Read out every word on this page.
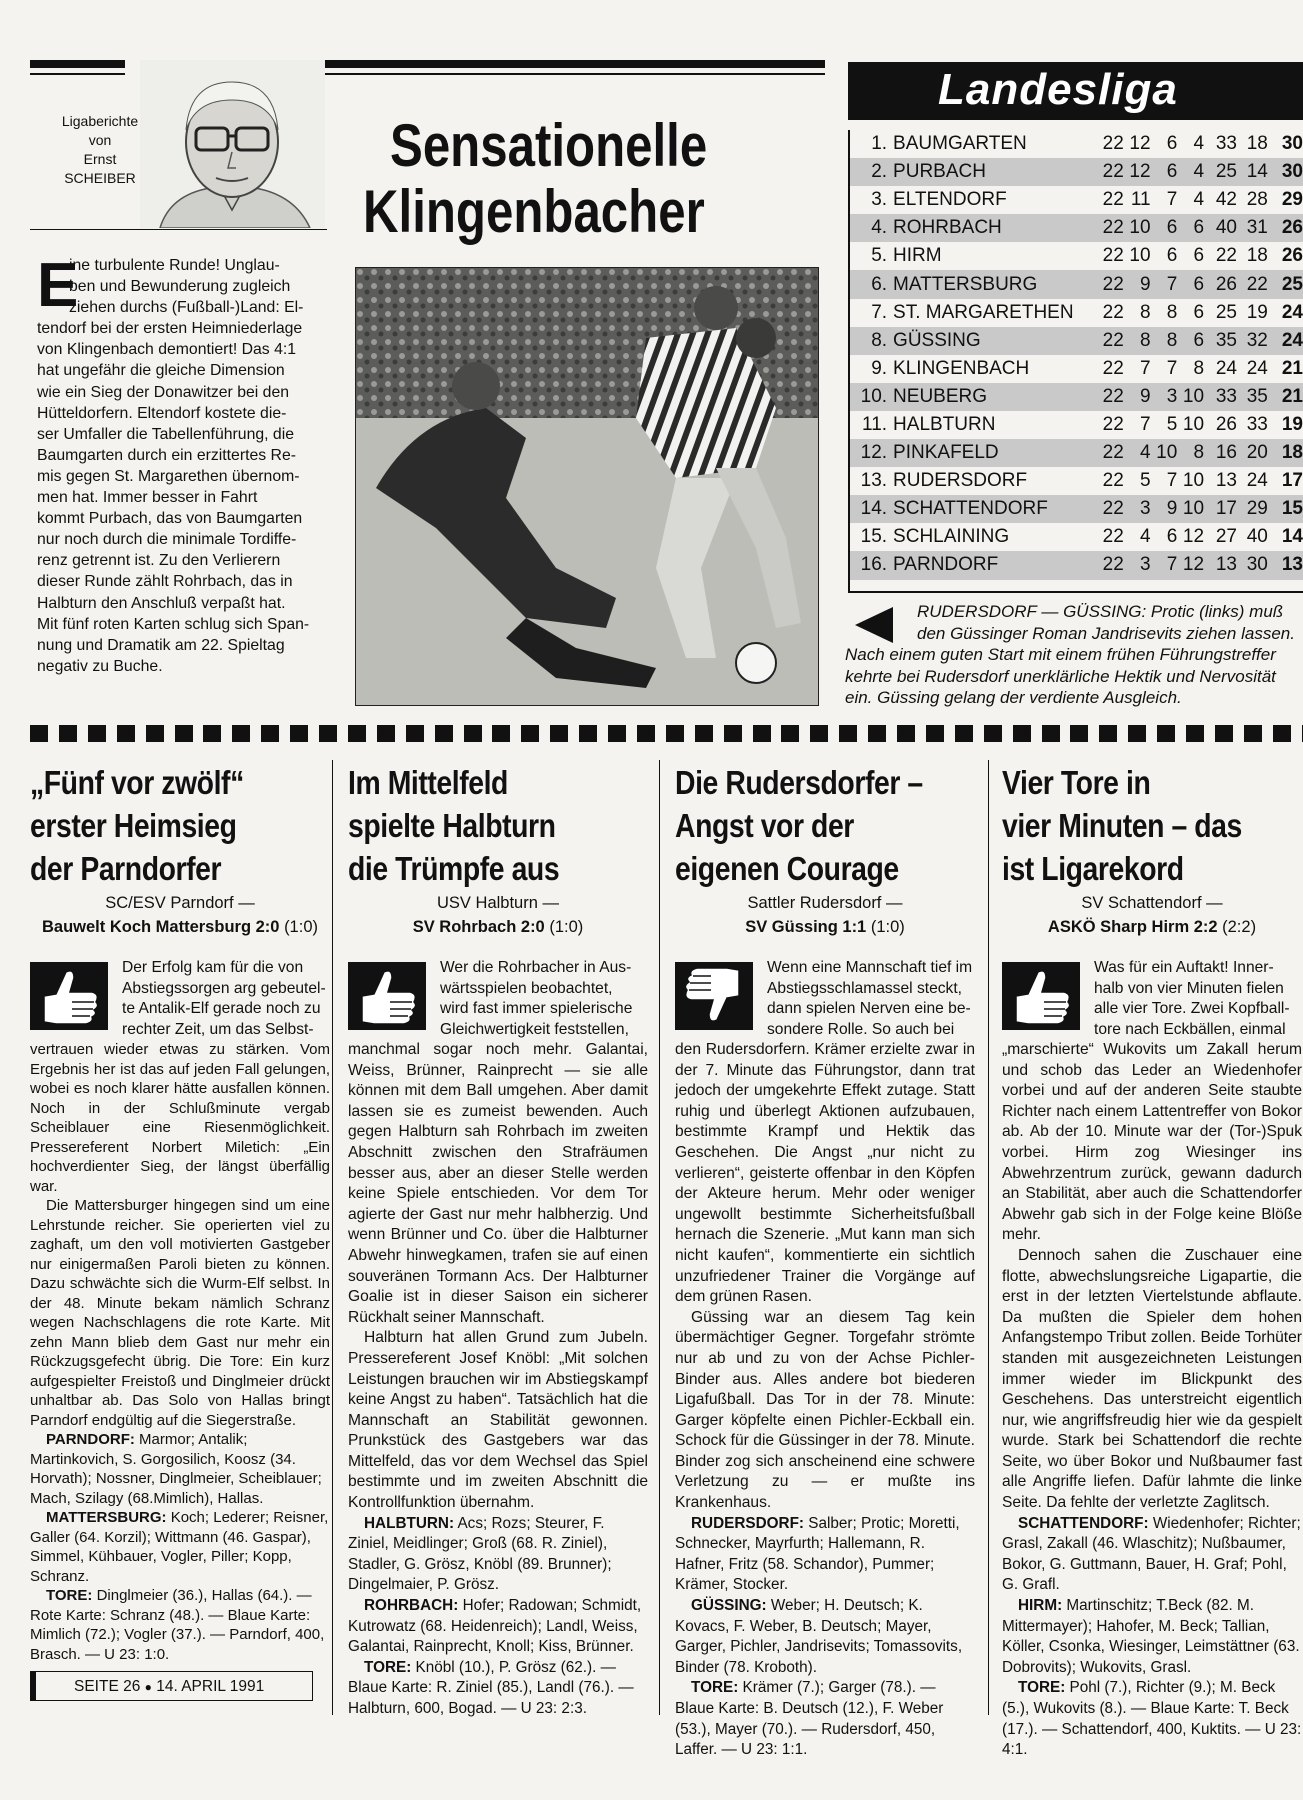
Ligaberichte
von
Ernst
SCHEIBER	Sensationelle
Klingenbacher
E
ine turbulente Runde! Unglau-
ben und Bewunderung zugleich
ziehen durchs (Fußball-)Land: El-
tendorf bei der ersten Heimniederlage
von Klingenbach demontiert! Das 4:1
hat ungefähr die gleiche Dimension
wie ein Sieg der Donawitzer bei den
Hütteldorfern. Eltendorf kostete die-
ser Umfaller die Tabellenführung, die
Baumgarten durch ein erzittertes Re-
mis gegen St. Margarethen übernom-
men hat. Immer besser in Fahrt
kommt Purbach, das von Baumgarten
nur noch durch die minimale Tordiffe-
renz getrennt ist. Zu den Verlierern
dieser Runde zählt Rohrbach, das in
Halbturn den Anschluß verpaßt hat.
Mit fünf roten Karten schlug sich Span-
nung und Dramatik am 22. Spieltag
negativ zu Buche.
Landesliga
1.	BAUMGARTEN	22	12	6	4	33	18	30
2.	PURBACH	22	12	6	4	25	14	30
3.	ELTENDORF	22	11	7	4	42	28	29
4.	ROHRBACH	22	10	6	6	40	31	26
5.	HIRM	22	10	6	6	22	18	26
6.	MATTERSBURG	22	9	7	6	26	22	25
7.	ST. MARGARETHEN	22	8	8	6	25	19	24
8.	GÜSSING	22	8	8	6	35	32	24
9.	KLINGENBACH	22	7	7	8	24	24	21
10.	NEUBERG	22	9	3	10	33	35	21
11.	HALBTURN	22	7	5	10	26	33	19
12.	PINKAFELD	22	4	10	8	16	20	18
13.	RUDERSDORF	22	5	7	10	13	24	17
14.	SCHATTENDORF	22	3	9	10	17	29	15
15.	SCHLAINING	22	4	6	12	27	40	14
16.	PARNDORF	22	3	7	12	13	30	13
RUDERSDORF — GÜSSING: Protic (links) muß
den Güssinger Roman Jandrisevits ziehen lassen.
Nach einem guten Start mit einem frühen Führungstreffer
kehrte bei Rudersdorf unerklärliche Hektik und Nervosität
ein. Güssing gelang der verdiente Ausgleich.
„Fünf vor zwölf“
erster Heimsieg
der Parndorfer
SC/ESV Parndorf —
Bauwelt Koch Mattersburg 2:0 (1:0)
Der Erfolg kam für die von
Abstiegssorgen arg gebeutel-
te Antalik-Elf gerade noch zu
rechter Zeit, um das Selbst-

vertrauen wieder etwas zu stärken. Vom Ergebnis her ist das auf jeden Fall gelungen, wobei es noch klarer hätte ausfallen können. Noch in der Schlußminute vergab Scheiblauer eine Riesenmöglichkeit. Pressereferent Norbert Miletich: „Ein hochverdienter Sieg, der längst überfällig war.

Die Mattersburger hingegen sind um eine Lehrstunde reicher. Sie operierten viel zu zaghaft, um den voll motivierten Gastgeber nur einigermaßen Paroli bieten zu können. Dazu schwächte sich die Wurm-Elf selbst. In der 48. Minute bekam nämlich Schranz wegen Nachschlagens die rote Karte. Mit zehn Mann blieb dem Gast nur mehr ein Rückzugsgefecht übrig. Die Tore: Ein kurz aufgespielter Freistoß und Dinglmeier drückt unhaltbar ab. Das Solo von Hallas bringt Parndorf endgültig auf die Siegerstraße.

PARNDORF: Marmor; Antalik; Martinkovich, S. Gorgosilich, Koosz (34. Horvath); Nossner, Dinglmeier, Scheiblauer; Mach, Szilagy (68.Mimlich), Hallas.

MATTERSBURG: Koch; Lederer; Reisner, Galler (64. Korzil); Wittmann (46. Gaspar), Simmel, Kühbauer, Vogler, Piller; Kopp, Schranz.

TORE: Dinglmeier (36.), Hallas (64.). — Rote Karte: Schranz (48.). — Blaue Karte: Mimlich (72.); Vogler (37.). — Parndorf, 400, Brasch. — U 23: 1:0.

Im Mittelfeld
spielte Halbturn
die Trümpfe aus
USV Halbturn —
SV Rohrbach 2:0 (1:0)
Wer die Rohrbacher in Aus-
wärtsspielen beobachtet,
wird fast immer spielerische
Gleichwertigkeit feststellen,

manchmal sogar noch mehr. Galantai, Weiss, Brünner, Rainprecht — sie alle können mit dem Ball umgehen. Aber damit lassen sie es zumeist bewenden. Auch gegen Halbturn sah Rohrbach im zweiten Abschnitt zwischen den Strafräumen besser aus, aber an dieser Stelle werden keine Spiele entschieden. Vor dem Tor agierte der Gast nur mehr halbherzig. Und wenn Brünner und Co. über die Halbturner Abwehr hinwegkamen, trafen sie auf einen souveränen Tormann Acs. Der Halbturner Goalie ist in dieser Saison ein sicherer Rückhalt seiner Mannschaft.

Halbturn hat allen Grund zum Jubeln. Pressereferent Josef Knöbl: „Mit solchen Leistungen brauchen wir im Abstiegskampf keine Angst zu haben“. Tatsächlich hat die Mannschaft an Stabilität gewonnen. Prunkstück des Gastgebers war das Mittelfeld, das vor dem Wechsel das Spiel bestimmte und im zweiten Abschnitt die Kontrollfunktion übernahm.

HALBTURN: Acs; Rozs; Steurer, F. Ziniel, Meidlinger; Groß (68. R. Ziniel), Stadler, G. Grösz, Knöbl (89. Brunner); Dingelmaier, P. Grösz.

ROHRBACH: Hofer; Radowan; Schmidt, Kutrowatz (68. Heidenreich); Landl, Weiss, Galantai, Rainprecht, Knoll; Kiss, Brünner.

TORE: Knöbl (10.), P. Grösz (62.). — Blaue Karte: R. Ziniel (85.), Landl (76.). — Halbturn, 600, Bogad. — U 23: 2:3.

Die Rudersdorfer –
Angst vor der
eigenen Courage
Sattler Rudersdorf —
SV Güssing 1:1 (1:0)
Wenn eine Mannschaft tief im
Abstiegsschlamassel steckt,
dann spielen Nerven eine be-
sondere Rolle. So auch bei

den Rudersdorfern. Krämer erzielte zwar in der 7. Minute das Führungstor, dann trat jedoch der umgekehrte Effekt zutage. Statt ruhig und überlegt Aktionen aufzubauen, bestimmte Krampf und Hektik das Geschehen. Die Angst „nur nicht zu verlieren“, geisterte offenbar in den Köpfen der Akteure herum. Mehr oder weniger ungewollt bestimmte Sicherheitsfußball hernach die Szenerie. „Mut kann man sich nicht kaufen“, kommentierte ein sichtlich unzufriedener Trainer die Vorgänge auf dem grünen Rasen.

Güssing war an diesem Tag kein übermächtiger Gegner. Torgefahr strömte nur ab und zu von der Achse Pichler-Binder aus. Alles andere bot biederen Ligafußball. Das Tor in der 78. Minute: Garger köpfelte einen Pichler-Eckball ein. Schock für die Güssinger in der 78. Minute. Binder zog sich anscheinend eine schwere Verletzung zu — er mußte ins Krankenhaus.

RUDERSDORF: Salber; Protic; Moretti, Schnecker, Mayrfurth; Hallemann, R. Hafner, Fritz (58. Schandor), Pummer; Krämer, Stocker.

GÜSSING: Weber; H. Deutsch; K. Kovacs, F. Weber, B. Deutsch; Mayer, Garger, Pichler, Jandrisevits; Tomassovits, Binder (78. Kroboth).

TORE: Krämer (7.); Garger (78.). — Blaue Karte: B. Deutsch (12.), F. Weber (53.), Mayer (70.). — Rudersdorf, 450, Laffer. — U 23: 1:1.

Vier Tore in
vier Minuten – das
ist Ligarekord
SV Schattendorf —
ASKÖ Sharp Hirm 2:2 (2:2)
Was für ein Auftakt! Inner-
halb von vier Minuten fielen
alle vier Tore. Zwei Kopfball-
tore nach Eckbällen, einmal

„marschierte“ Wukovits um Zakall herum und schob das Leder an Wiedenhofer vorbei und auf der anderen Seite staubte Richter nach einem Lattentreffer von Bokor ab. Ab der 10. Minute war der (Tor-)Spuk vorbei. Hirm zog Wiesinger ins Abwehrzentrum zurück, gewann dadurch an Stabilität, aber auch die Schattendorfer Abwehr gab sich in der Folge keine Blöße mehr.

Dennoch sahen die Zuschauer eine flotte, abwechslungsreiche Ligapartie, die erst in der letzten Viertelstunde abflaute. Da mußten die Spieler dem hohen Anfangstempo Tribut zollen. Beide Torhüter standen mit ausgezeichneten Leistungen immer wieder im Blickpunkt des Geschehens. Das unterstreicht eigentlich nur, wie angriffsfreudig hier wie da gespielt wurde. Stark bei Schattendorf die rechte Seite, wo über Bokor und Nußbaumer fast alle Angriffe liefen. Dafür lahmte die linke Seite. Da fehlte der verletzte Zaglitsch.

SCHATTENDORF: Wiedenhofer; Richter; Grasl, Zakall (46. Wlaschitz); Nußbaumer, Bokor, G. Guttmann, Bauer, H. Graf; Pohl, G. Grafl.

HIRM: Martinschitz; T.Beck (82. M. Mittermayer); Hahofer, M. Beck; Tallian, Köller, Csonka, Wiesinger, Leimstättner (63. Dobrovits); Wukovits, Grasl.

TORE: Pohl (7.), Richter (9.); M. Beck (5.), Wukovits (8.). — Blaue Karte: T. Beck (17.). — Schattendorf, 400, Kuktits. — U 23: 4:1.

SEITE 26 ● 14. APRIL 1991
